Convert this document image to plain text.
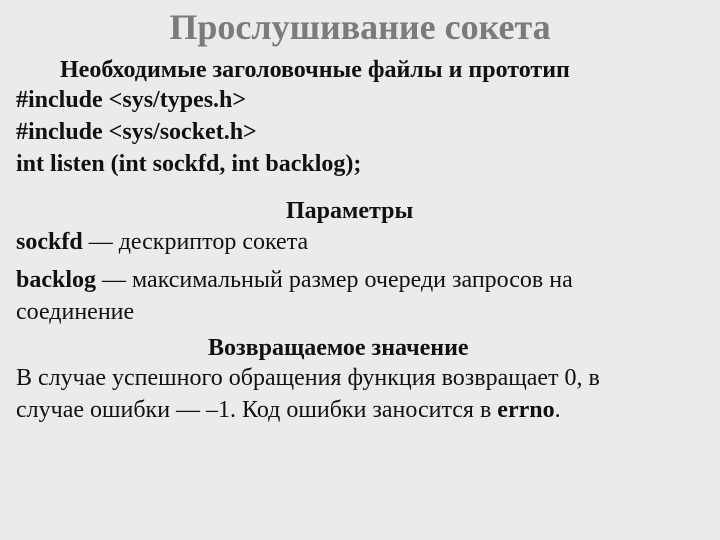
Прослушивание сокета
Необходимые заголовочные файлы и прототип
#include <sys/types.h>
#include <sys/socket.h>
int listen (int sockfd, int backlog);
Параметры
sockfd — дескриптор сокета
backlog — максимальный размер очереди запросов на
соединение
Возвращаемое значение
В случае успешного обращения функция возвращает 0, в
случае ошибки — –1. Код ошибки заносится в errno.
